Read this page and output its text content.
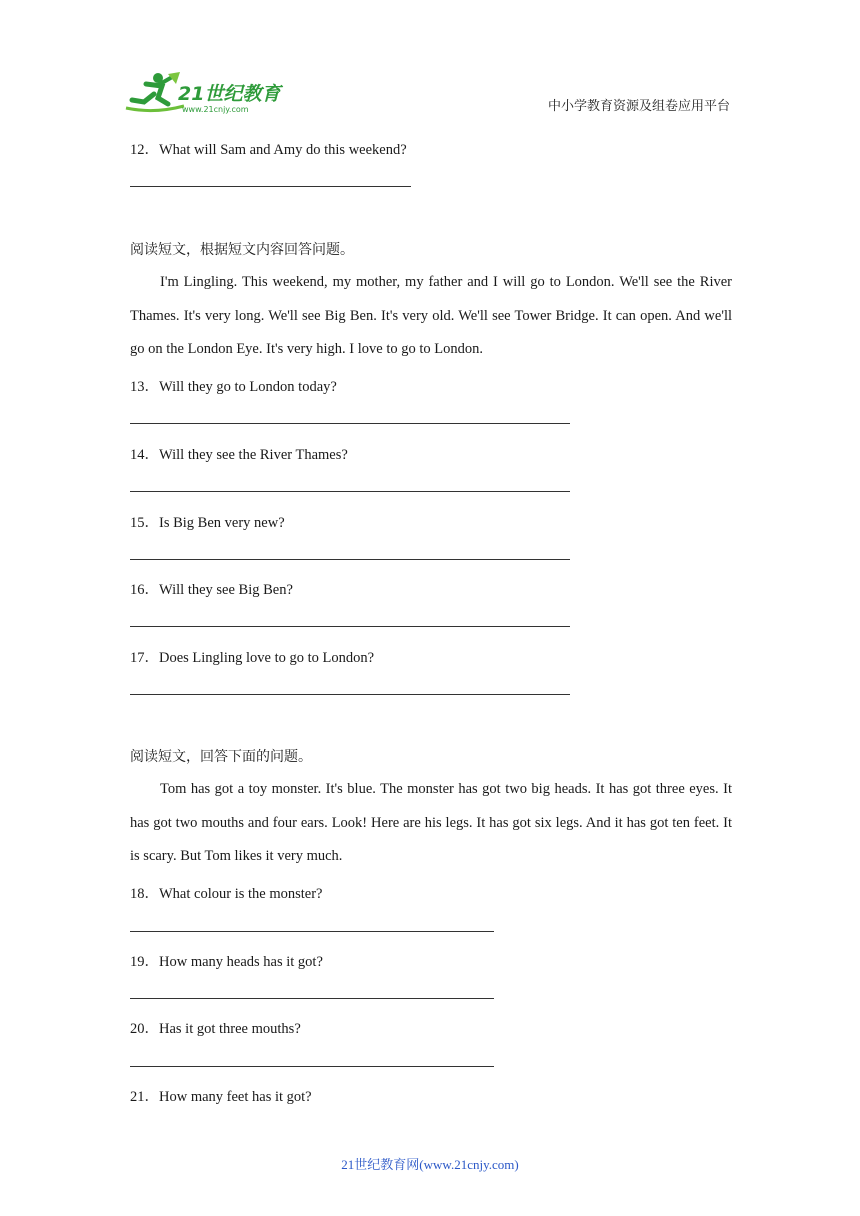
21世纪教育
www.21cnjy.com	中小学教育资源及组卷应用平台
12．What will Sam and Amy do this weekend?
阅读短文，根据短文内容回答问题。
I'm Lingling. This weekend, my mother, my father and I will go to London. We'll see the River Thames. It's very long. We'll see Big Ben. It's very old. We'll see Tower Bridge. It can open. And we'll go on the London Eye. It's very high. I love to go to London.
13．Will they go to London today?
14．Will they see the River Thames?
15．Is Big Ben very new?
16．Will they see Big Ben?
17．Does Lingling love to go to London?
阅读短文，回答下面的问题。
Tom has got a toy monster. It's blue. The monster has got two big heads. It has got three eyes. It has got two mouths and four ears. Look! Here are his legs. It has got six legs. And it has got ten feet. It is scary. But Tom likes it very much.
18．What colour is the monster?
19．How many heads has it got?
20．Has it got three mouths?
21．How many feet has it got?
21世纪教育网(www.21cnjy.com)
